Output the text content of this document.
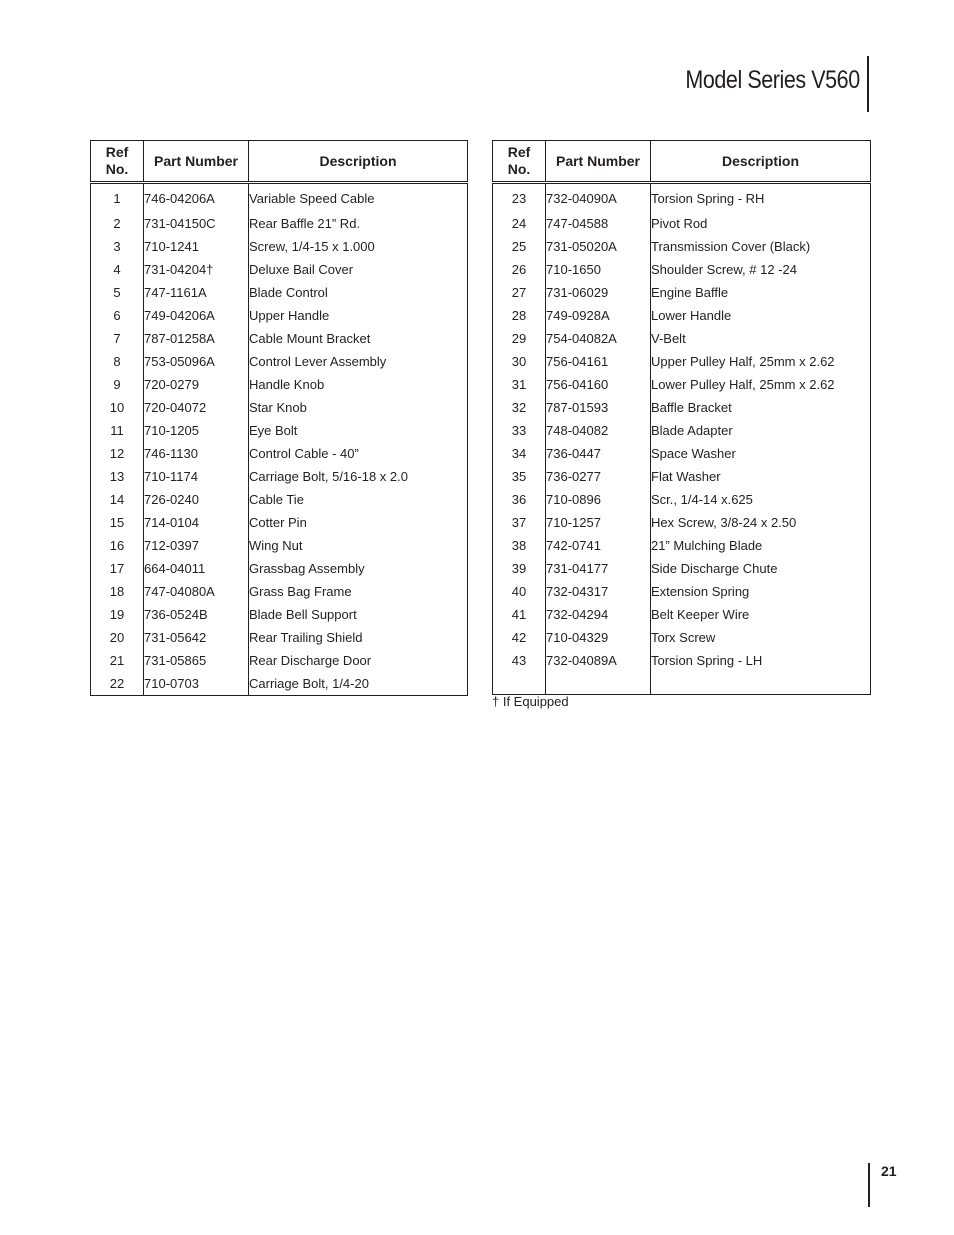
Model Series V560
Ref
No.	Part Number	Description
1	746-04206A	Variable Speed Cable
2	731-04150C	Rear Baffle 21” Rd.
3	710-1241	Screw, 1/4-15 x 1.000
4	731-04204†	Deluxe Bail Cover
5	747-1161A	Blade Control
6	749-04206A	Upper Handle
7	787-01258A	Cable Mount Bracket
8	753-05096A	Control Lever Assembly
9	720-0279	Handle Knob
10	720-04072	Star Knob
11	710-1205	Eye Bolt
12	746-1130	Control Cable - 40”
13	710-1174	Carriage Bolt, 5/16-18 x 2.0
14	726-0240	Cable Tie
15	714-0104	Cotter Pin
16	712-0397	Wing Nut
17	664-04011	Grassbag Assembly
18	747-04080A	Grass Bag Frame
19	736-0524B	Blade Bell Support
20	731-05642	Rear Trailing Shield
21	731-05865	Rear Discharge Door
22	710-0703	Carriage Bolt, 1/4-20
Ref
No.	Part Number	Description
23	732-04090A	Torsion Spring - RH
24	747-04588	Pivot Rod
25	731-05020A	Transmission Cover (Black)
26	710-1650	Shoulder Screw, # 12 -24
27	731-06029	Engine Baffle
28	749-0928A	Lower Handle
29	754-04082A	V-Belt
30	756-04161	Upper Pulley Half, 25mm x 2.62
31	756-04160	Lower Pulley Half, 25mm x 2.62
32	787-01593	Baffle Bracket
33	748-04082	Blade Adapter
34	736-0447	Space Washer
35	736-0277	Flat Washer
36	710-0896	Scr., 1/4-14 x.625
37	710-1257	Hex Screw, 3/8-24 x 2.50
38	742-0741	21” Mulching Blade
39	731-04177	Side Discharge Chute
40	732-04317	Extension Spring
41	732-04294	Belt Keeper Wire
42	710-04329	Torx Screw
43	732-04089A	Torsion Spring - LH

† If Equipped
21
